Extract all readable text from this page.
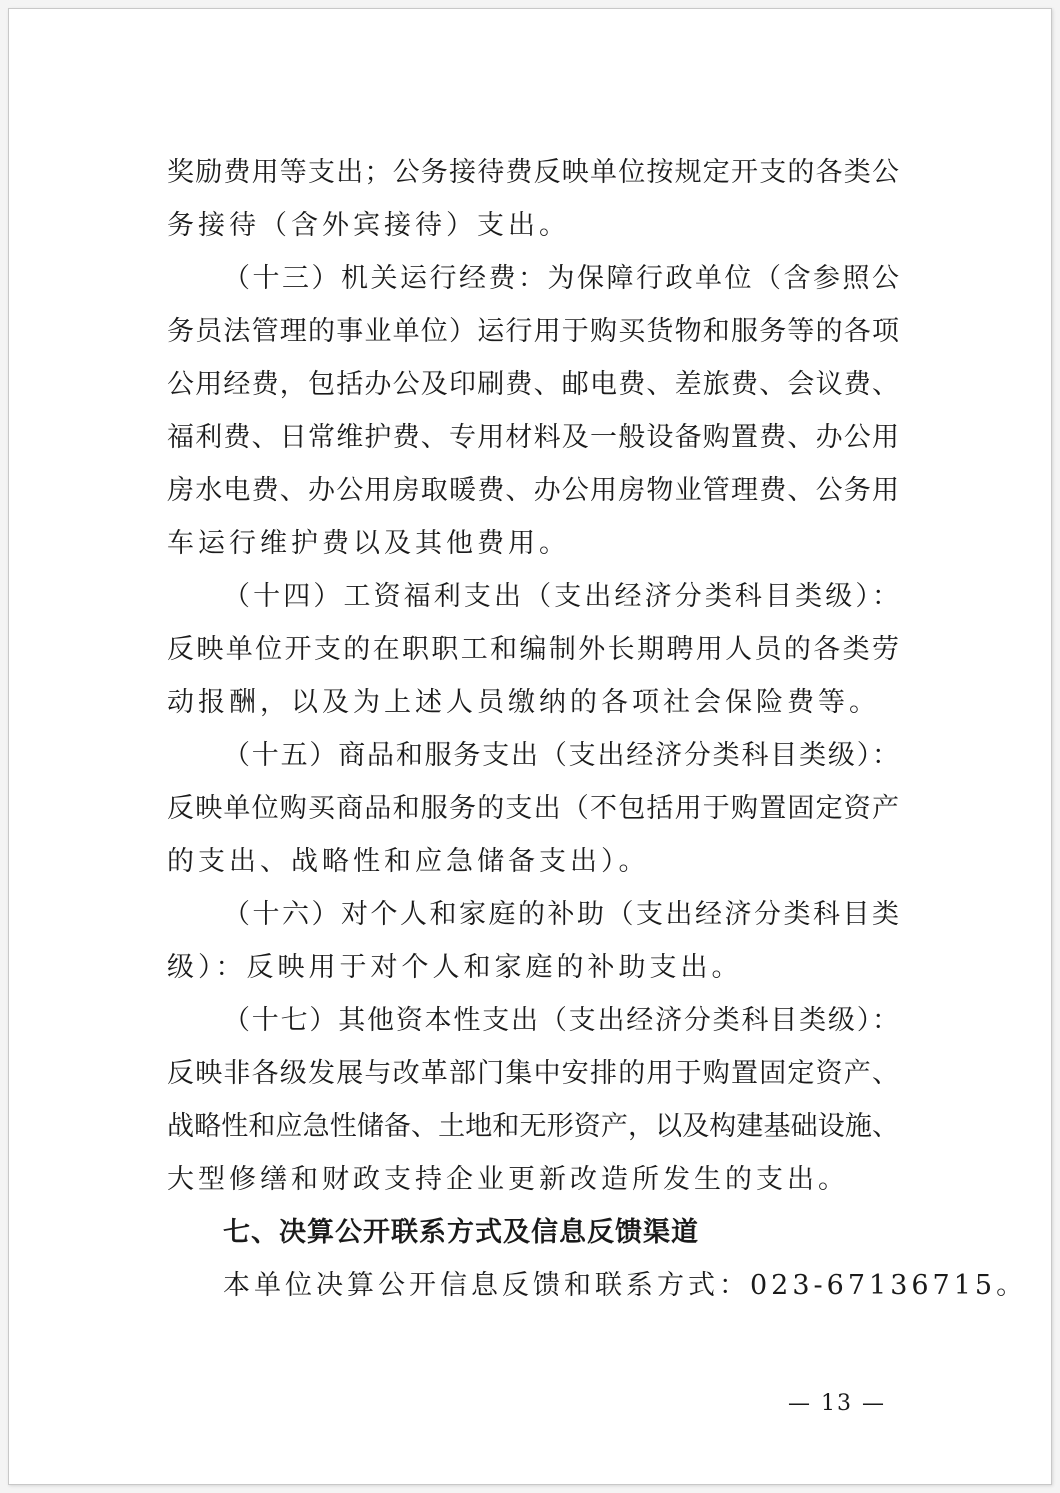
奖励费用等支出；公务接待费反映单位按规定开支的各类公
务接待（含外宾接待）支出。
（十三）机关运行经费：为保障行政单位（含参照公
务员法管理的事业单位）运行用于购买货物和服务等的各项
公用经费，包括办公及印刷费、邮电费、差旅费、会议费、
福利费、日常维护费、专用材料及一般设备购置费、办公用
房水电费、办公用房取暖费、办公用房物业管理费、公务用
车运行维护费以及其他费用。
（十四）工资福利支出（支出经济分类科目类级）：
反映单位开支的在职职工和编制外长期聘用人员的各类劳
动报酬，以及为上述人员缴纳的各项社会保险费等。
（十五）商品和服务支出（支出经济分类科目类级）：
反映单位购买商品和服务的支出（不包括用于购置固定资产
的支出、战略性和应急储备支出）。
（十六）对个人和家庭的补助（支出经济分类科目类
级）：反映用于对个人和家庭的补助支出。
（十七）其他资本性支出（支出经济分类科目类级）：
反映非各级发展与改革部门集中安排的用于购置固定资产、
战略性和应急性储备、土地和无形资产，以及构建基础设施、
大型修缮和财政支持企业更新改造所发生的支出。
七、决算公开联系方式及信息反馈渠道
本单位决算公开信息反馈和联系方式：023-67136715。
— 13 —
